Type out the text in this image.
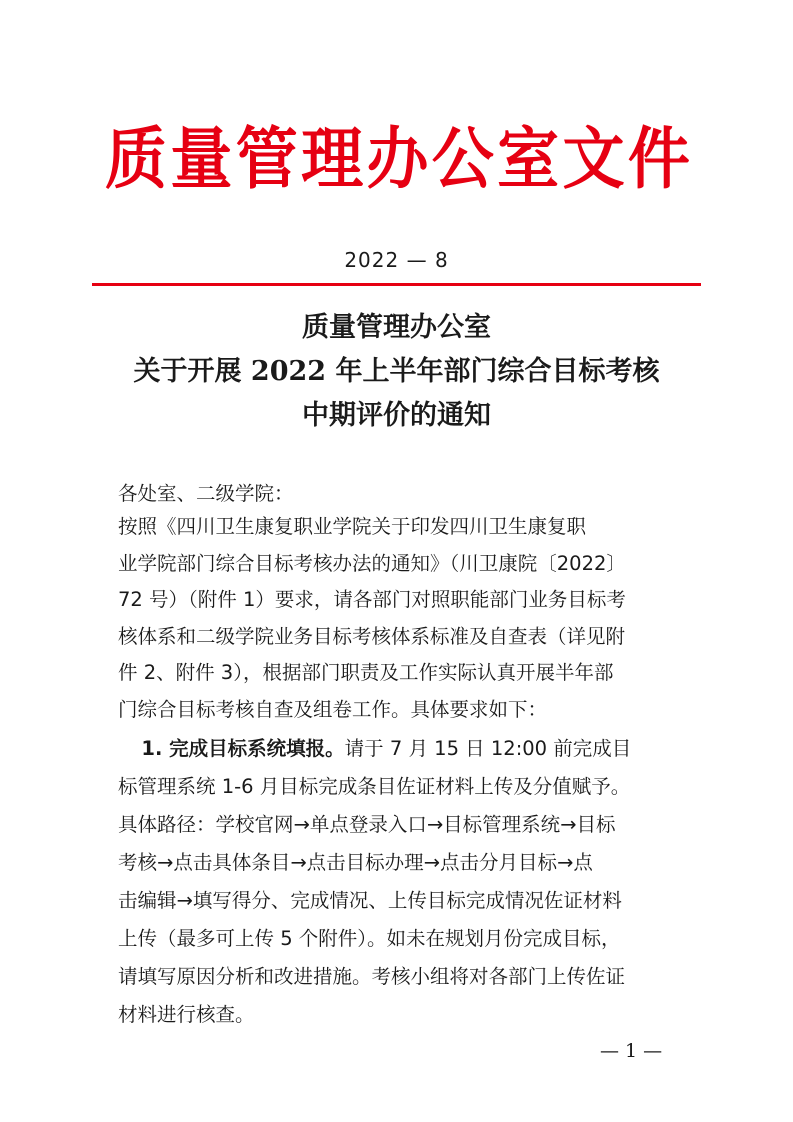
质 量 管 理 办 公 室 文 件
2022 — 8
质量管理办公室
关于开展 2022 年上半年部门综合目标考核
中期评价的通知
各处室、二级学院：
按照《四川卫生康复职业学院关于印发四川卫生康复职
业学院部门综合目标考核办法的通知》（川卫康院〔2022〕
72 号）（附件 1）要求，请各部门对照职能部门业务目标考
核体系和二级学院业务目标考核体系标准及自查表（详见附
件 2、附件 3），根据部门职责及工作实际认真开展半年部
门综合目标考核自查及组卷工作。具体要求如下：
  1. 完成目标系统填报。请于 7 月 15 日 12:00 前完成目
标管理系统 1-6 月目标完成条目佐证材料上传及分值赋予。
具体路径：学校官网→单点登录入口→目标管理系统→目标
考核→点击具体条目→点击目标办理→点击分月目标→点
击编辑→填写得分、完成情况、上传目标完成情况佐证材料
上传（最多可上传 5 个附件）。如未在规划月份完成目标，
请填写原因分析和改进措施。考核小组将对各部门上传佐证
材料进行核查。
— 1 —
